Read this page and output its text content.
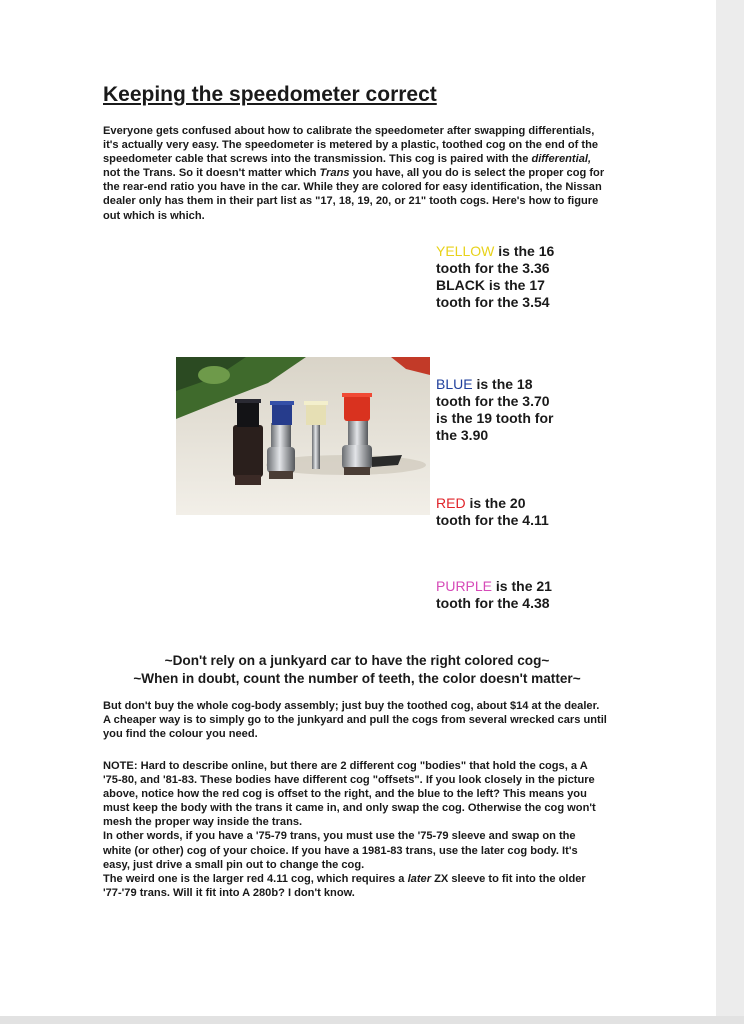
Keeping the speedometer correct

Everyone gets confused about how to calibrate the speedometer after swapping differentials, it's actually very easy. The speedometer is metered by a plastic, toothed cog on the end of the speedometer cable that screws into the transmission. This cog is paired with the differential, not the Trans. So it doesn't matter which Trans you have, all you do is select the proper cog for the rear-end ratio you have in the car. While they are colored for easy identification, the Nissan dealer only has them in their part list as "17, 18, 19, 20, or 21" tooth cogs. Here's how to figure out which is which.

YELLOW is the 16 tooth for the 3.36
BLACK is the 17 tooth for the 3.54

BLUE is the 18 tooth for the 3.70 is the 19 tooth for the 3.90

RED is the 20 tooth for the 4.11

PURPLE is the 21 tooth for the 4.38

~Don't rely on a junkyard car to have the right colored cog~
~When in doubt, count the number of teeth, the color doesn't matter~

But don't buy the whole cog-body assembly; just buy the toothed cog, about $14 at the dealer. A cheaper way is to simply go to the junkyard and pull the cogs from several wrecked cars until you find the colour you need.

NOTE: Hard to describe online, but there are 2 different cog "bodies" that hold the cogs, a A '75-80, and '81-83. These bodies have different cog "offsets". If you look closely in the picture above, notice how the red cog is offset to the right, and the blue to the left? This means you must keep the body with the trans it came in, and only swap the cog. Otherwise the cog won't mesh the proper way inside the trans.
In other words, if you have a '75-79 trans, you must use the '75-79 sleeve and swap on the white (or other) cog of your choice. If you have a 1981-83 trans, use the later cog body. It's easy, just drive a small pin out to change the cog.
The weird one is the larger red 4.11 cog, which requires a later ZX sleeve to fit into the older '77-'79 trans. Will it fit into A 280b? I don't know.
